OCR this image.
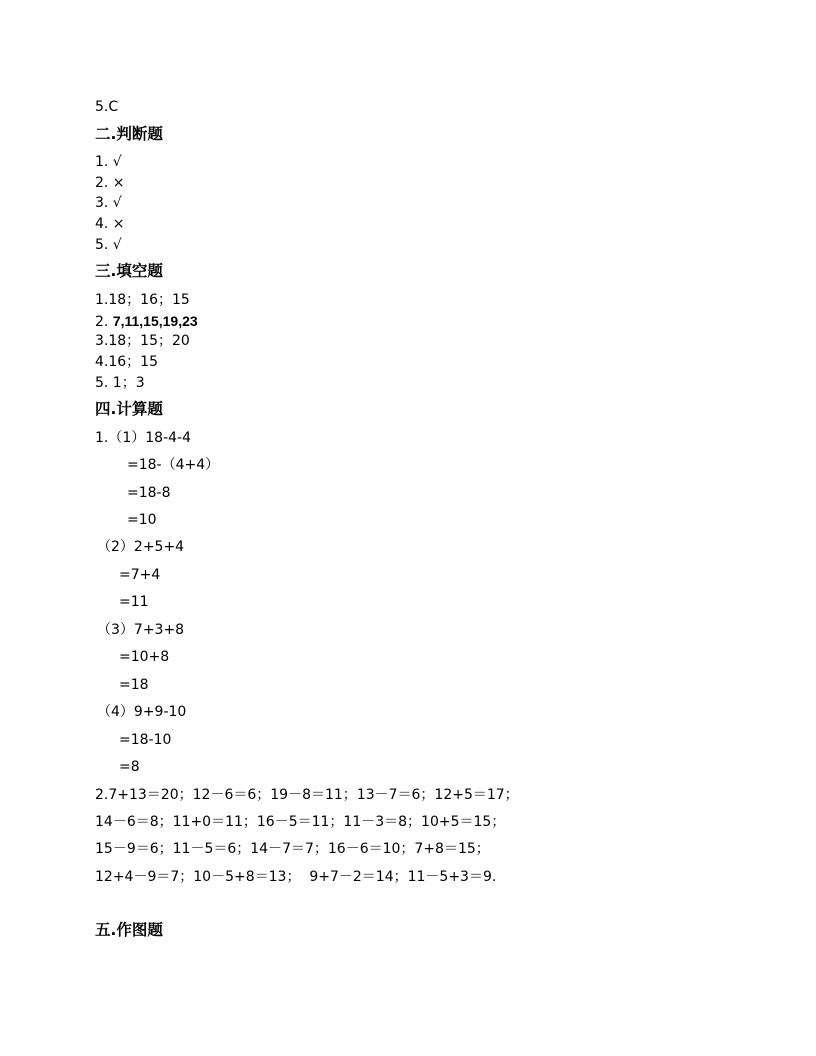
5.C
二.判断题
1. √
2. ×
3. √
4. ×
5. √
三.填空题
1.18；16；15
2. 7,11,15,19,23
3.18；15；20
4.16；15
5. 1；3
四.计算题
1.（1）18-4-4
=18-（4+4）
=18-8
=10
（2）2+5+4
=7+4
=11
（3）7+3+8
=10+8
=18
（4）9+9-10
=18-10
=8
2.7+13＝20；12－6＝6；19－8＝11；13－7＝6；12+5＝17；
14－6＝8；11+0＝11；16－5＝11；11－3＝8；10+5＝15；
15－9＝6；11－5＝6；14－7＝7；16－6＝10；7+8＝15；
12+4－9＝7；10－5+8＝13；  9+7－2＝14；11－5+3＝9.
五.作图题
